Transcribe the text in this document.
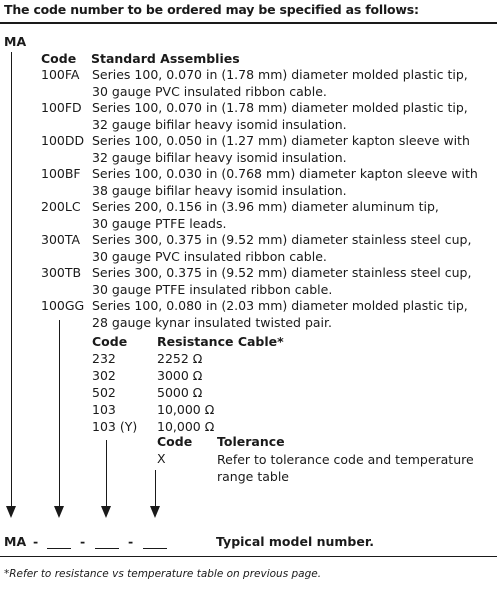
The code number to be ordered may be specified as follows:
MA
Code Standard Assemblies
100FA Series 100, 0.070 in (1.78 mm) diameter molded plastic tip,
30 gauge PVC insulated ribbon cable.
100FD Series 100, 0.070 in (1.78 mm) diameter molded plastic tip,
32 gauge bifilar heavy isomid insulation.
100DD Series 100, 0.050 in (1.27 mm) diameter kapton sleeve with
32 gauge bifilar heavy isomid insulation.
100BF Series 100, 0.030 in (0.768 mm) diameter kapton sleeve with
38 gauge bifilar heavy isomid insulation.
200LC Series 200, 0.156 in (3.96 mm) diameter aluminum tip,
30 gauge PTFE leads.
300TA Series 300, 0.375 in (9.52 mm) diameter stainless steel cup,
30 gauge PVC insulated ribbon cable.
300TB Series 300, 0.375 in (9.52 mm) diameter stainless steel cup,
30 gauge PTFE insulated ribbon cable.
100GG Series 100, 0.080 in (2.03 mm) diameter molded plastic tip,
28 gauge kynar insulated twisted pair.
Code Resistance Cable*
232	2252 Ω
302	3000 Ω
502	5000 Ω
103	10,000 Ω
103 (Y) 10,000 Ω
Code Tolerance
X	Refer to tolerance code and temperature range table
MA -	-	-	Typical model number.
*Refer to resistance vs temperature table on previous page.
